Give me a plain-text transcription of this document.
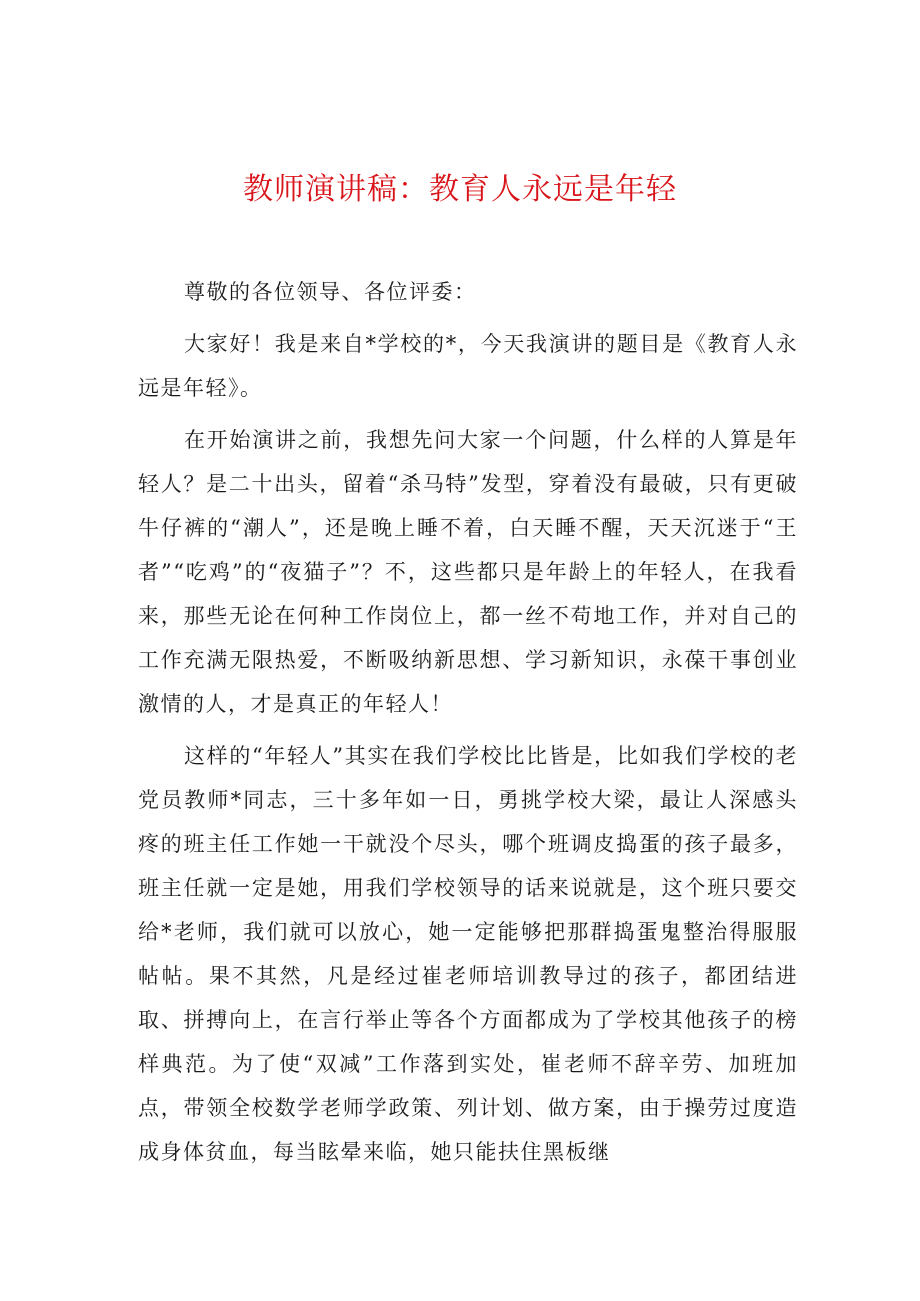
教师演讲稿：教育人永远是年轻

尊敬的各位领导、各位评委：

大家好！我是来自*学校的*，今天我演讲的题目是《教育人永远是年轻》。

在开始演讲之前，我想先问大家一个问题，什么样的人算是年轻人？是二十出头，留着“杀马特”发型，穿着没有最破，只有更破牛仔裤的“潮人”，还是晚上睡不着，白天睡不醒，天天沉迷于“王者”“吃鸡”的“夜猫子”？不，这些都只是年龄上的年轻人，在我看来，那些无论在何种工作岗位上，都一丝不苟地工作，并对自己的工作充满无限热爱，不断吸纳新思想、学习新知识，永葆干事创业激情的人，才是真正的年轻人！

这样的“年轻人”其实在我们学校比比皆是，比如我们学校的老党员教师*同志，三十多年如一日，勇挑学校大梁，最让人深感头疼的班主任工作她一干就没个尽头，哪个班调皮捣蛋的孩子最多，班主任就一定是她，用我们学校领导的话来说就是，这个班只要交给*老师，我们就可以放心，她一定能够把那群捣蛋鬼整治得服服帖帖。果不其然，凡是经过崔老师培训教导过的孩子，都团结进取、拼搏向上，在言行举止等各个方面都成为了学校其他孩子的榜样典范。为了使“双减”工作落到实处，崔老师不辞辛劳、加班加点，带领全校数学老师学政策、列计划、做方案，由于操劳过度造成身体贫血，每当眩晕来临，她只能扶住黑板继
